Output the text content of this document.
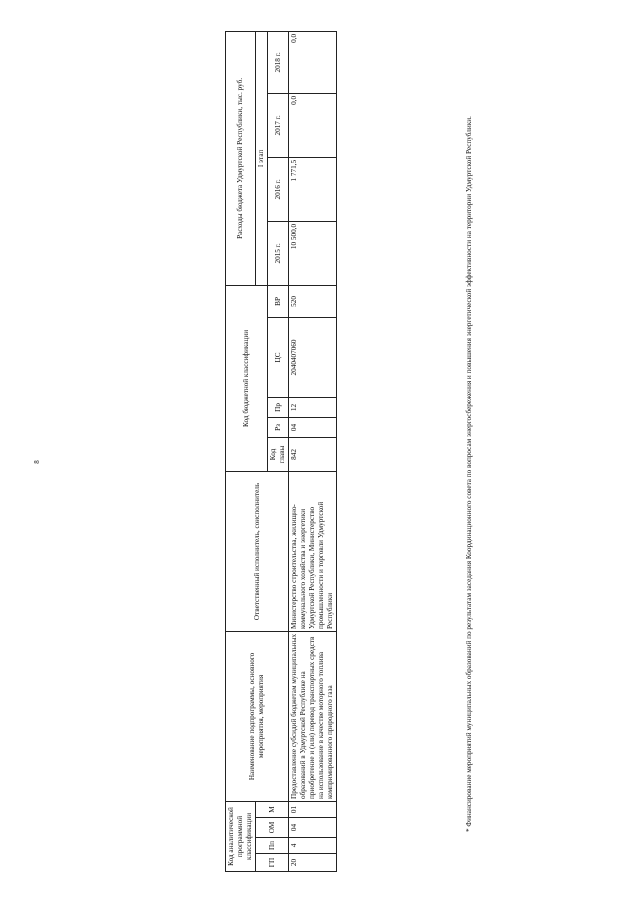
8
Код аналитической программной классификации				Наименование подпрограммы, основного мероприятия, мероприятия	Ответственный исполнитель, соисполнитель	Код бюджетной классификации					Расходы бюджета Удмуртской Республики, тыс. руб.			
ГП	Пп	ОМ	М								I этап			
						Код главы	Рз	Пр	ЦС	ВР	2015 г.	2016 г.	2017 г.	2018 г.
20	4	04	01	Предоставление субсидий бюджетам муниципальных образований в Удмуртской Республике на приобретение и (или) перевод транспортных средств на использование в качестве моторного топлива компримированного природного газа	Министерство строительства, жилищно-коммунального хозяйства и энергетики Удмуртской Республики, Министерство промышленности и торговли Удмуртской Республики	842	04	12	2040407060	520	10 500,0	1 771,5	0,0	0,0
* Финансирование мероприятий муниципальных образований по результатам заседания Координационного совета по вопросам энергосбережения и повышения энергетической эффективности на территории Удмуртской Республики.
